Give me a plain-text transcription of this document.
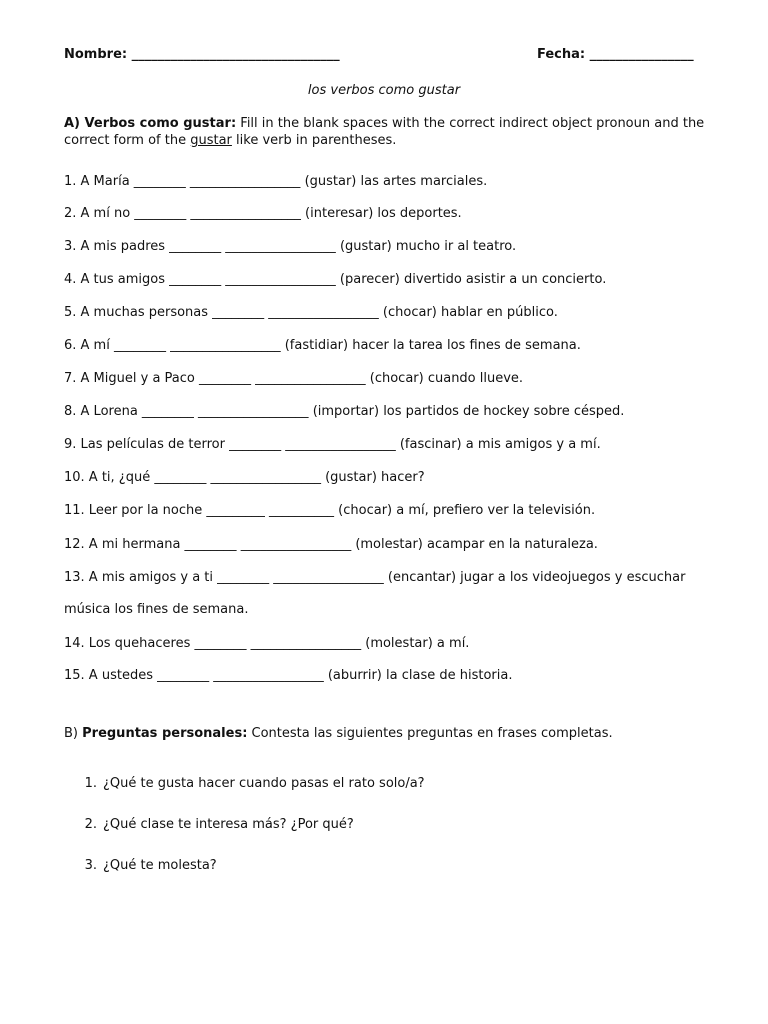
Nombre: ________________________________	Fecha: ________________
los verbos como gustar
A) Verbos como gustar: Fill in the blank spaces with the correct indirect object pronoun and the
correct form of the gustar like verb in parentheses.
1. A María ________ _________________ (gustar) las artes marciales.
2. A mí no ________ _________________ (interesar) los deportes.
3. A mis padres ________ _________________ (gustar) mucho ir al teatro.
4. A tus amigos ________ _________________ (parecer) divertido asistir a un concierto.
5. A muchas personas ________ _________________ (chocar) hablar en público.
6. A mí ________ _________________ (fastidiar) hacer la tarea los fines de semana.
7. A Miguel y a Paco ________ _________________ (chocar) cuando llueve.
8. A Lorena ________ _________________ (importar) los partidos de hockey sobre césped.
9. Las películas de terror ________ _________________ (fascinar) a mis amigos y a mí.
10. A ti, ¿qué ________ _________________ (gustar) hacer?
11. Leer por la noche _________ __________ (chocar) a mí, prefiero ver la televisión.
12. A mi hermana ________ _________________ (molestar) acampar en la naturaleza.
13. A mis amigos y a ti ________ _________________ (encantar) jugar a los videojuegos y escuchar
música los fines de semana.
14. Los quehaceres ________ _________________ (molestar) a mí.
15. A ustedes ________ _________________ (aburrir) la clase de historia.
B) Preguntas personales: Contesta las siguientes preguntas en frases completas.
1. ¿Qué te gusta hacer cuando pasas el rato solo/a?
2. ¿Qué clase te interesa más? ¿Por qué?
3. ¿Qué te molesta?
